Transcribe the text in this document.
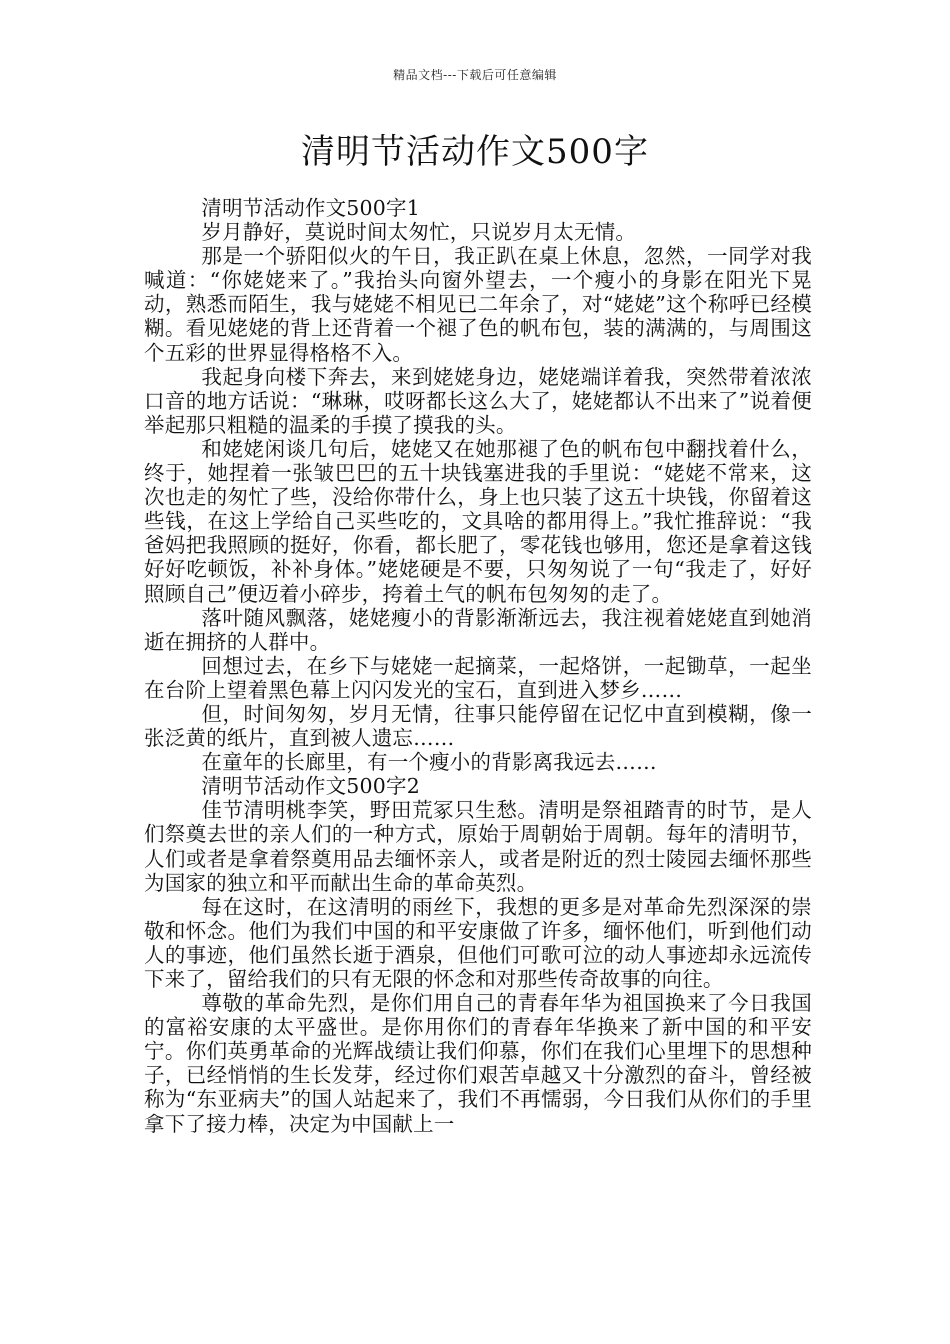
精品文档---下载后可任意编辑
清明节活动作文500字

清明节活动作文500字1

岁月静好，莫说时间太匆忙，只说岁月太无情。

那是一个骄阳似火的午日，我正趴在桌上休息，忽然，一同学对我喊道：“你姥姥来了。”我抬头向窗外望去，一个瘦小的身影在阳光下晃动，熟悉而陌生，我与姥姥不相见已二年余了，对“姥姥”这个称呼已经模糊。看见姥姥的背上还背着一个褪了色的帆布包，装的满满的，与周围这个五彩的世界显得格格不入。

我起身向楼下奔去，来到姥姥身边，姥姥端详着我，突然带着浓浓口音的地方话说：“琳琳，哎呀都长这么大了，姥姥都认不出来了”说着便举起那只粗糙的温柔的手摸了摸我的头。

和姥姥闲谈几句后，姥姥又在她那褪了色的帆布包中翻找着什么，终于，她捏着一张皱巴巴的五十块钱塞进我的手里说：“姥姥不常来，这次也走的匆忙了些，没给你带什么，身上也只装了这五十块钱，你留着这些钱，在这上学给自己买些吃的，文具啥的都用得上。”我忙推辞说：“我爸妈把我照顾的挺好，你看，都长肥了，零花钱也够用，您还是拿着这钱好好吃顿饭，补补身体。”姥姥硬是不要，只匆匆说了一句“我走了，好好照顾自己”便迈着小碎步，挎着土气的帆布包匆匆的走了。

落叶随风飘落，姥姥瘦小的背影渐渐远去，我注视着姥姥直到她消逝在拥挤的人群中。

回想过去，在乡下与姥姥一起摘菜，一起烙饼，一起锄草，一起坐在台阶上望着黑色幕上闪闪发光的宝石，直到进入梦乡……

但，时间匆匆，岁月无情，往事只能停留在记忆中直到模糊，像一张泛黄的纸片，直到被人遗忘……

在童年的长廊里，有一个瘦小的背影离我远去……

清明节活动作文500字2

佳节清明桃李笑，野田荒冢只生愁。清明是祭祖踏青的时节，是人们祭奠去世的亲人们的一种方式，原始于周朝始于周朝。每年的清明节，人们或者是拿着祭奠用品去缅怀亲人，或者是附近的烈士陵园去缅怀那些为国家的独立和平而献出生命的革命英烈。

每在这时，在这清明的雨丝下，我想的更多是对革命先烈深深的崇敬和怀念。他们为我们中国的和平安康做了许多，缅怀他们，听到他们动人的事迹，他们虽然长逝于酒泉，但他们可歌可泣的动人事迹却永远流传下来了，留给我们的只有无限的怀念和对那些传奇故事的向往。

尊敬的革命先烈，是你们用自己的青春年华为祖国换来了今日我国的富裕安康的太平盛世。是你用你们的青春年华换来了新中国的和平安宁。你们英勇革命的光辉战绩让我们仰慕，你们在我们心里埋下的思想种子，已经悄悄的生长发芽，经过你们艰苦卓越又十分激烈的奋斗，曾经被称为“东亚病夫”的国人站起来了，我们不再懦弱，今日我们从你们的手里拿下了接力棒，决定为中国献上一
